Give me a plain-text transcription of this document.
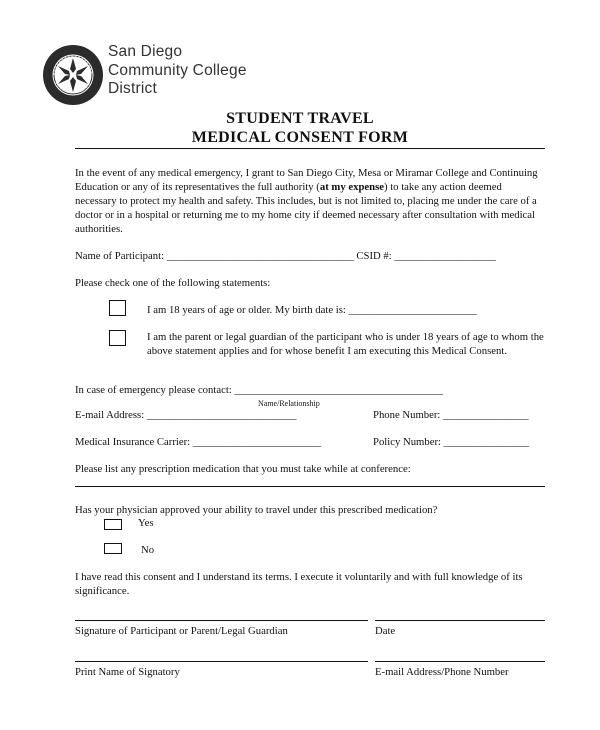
San Diego
Community College
District
STUDENT TRAVEL
MEDICAL CONSENT FORM
In the event of any medical emergency, I grant to San Diego City, Mesa or Miramar College and Continuing Education or any of its representatives the full authority (at my expense) to take any action deemed necessary to protect my health and safety. This includes, but is not limited to, placing me under the care of a doctor or in a hospital or returning me to my home city if deemed necessary after consultation with medical authorities.
Name of Participant: ___________________________________ CSID #: ___________________
Please check one of the following statements:
I am 18 years of age or older. My birth date is: ________________________
I am the parent or legal guardian of the participant who is under 18 years of age to whom the above statement applies and for whose benefit I am executing this Medical Consent.
In case of emergency please contact: _______________________________________
Name/Relationship
E-mail Address: ____________________________	Phone Number: ________________
Medical Insurance Carrier: ________________________	Policy Number: ________________
Please list any prescription medication that you must take while at conference:
Has your physician approved your ability to travel under this prescribed medication?
Yes
No
I have read this consent and I understand its terms. I execute it voluntarily and with full knowledge of its significance.
Signature of Participant or Parent/Legal Guardian	Date
Print Name of Signatory	E-mail Address/Phone Number
